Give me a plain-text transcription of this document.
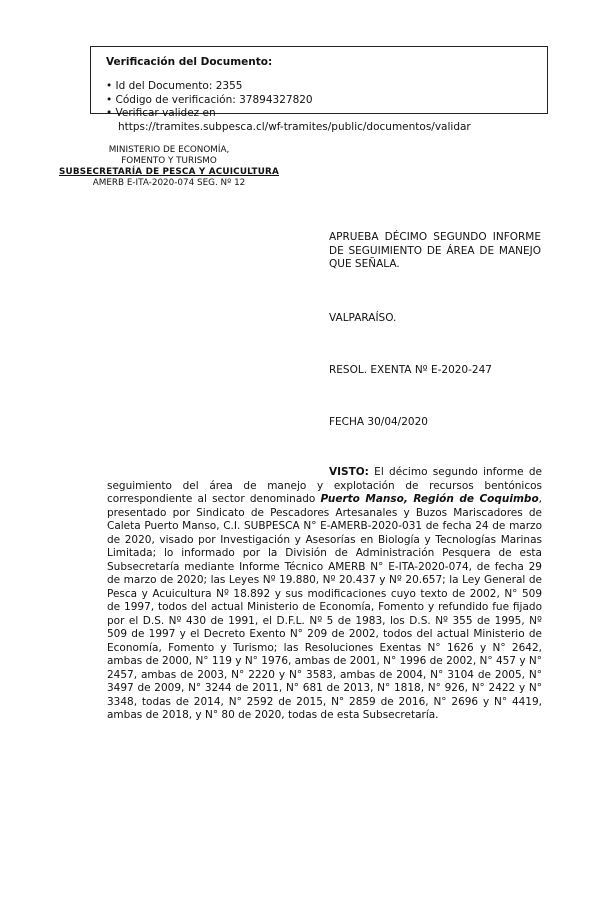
Verificación del Documento:
• Id del Documento: 2355
• Código de verificación: 37894327820
• Verificar validez en
https://tramites.subpesca.cl/wf-tramites/public/documentos/validar
MINISTERIO DE ECONOMÍA,
FOMENTO Y TURISMO
SUBSECRETARÍA DE PESCA Y ACUICULTURA
AMERB E-ITA-2020-074 SEG. Nº 12
APRUEBA DÉCIMO SEGUNDO INFORME DE SEGUIMIENTO DE ÁREA DE MANEJO QUE SEÑALA.
VALPARAÍSO.
RESOL. EXENTA Nº E-2020-247
FECHA 30/04/2020
VISTO: El décimo segundo informe de seguimiento del área de manejo y explotación de recursos bentónicos correspondiente al sector denominado Puerto Manso, Región de Coquimbo, presentado por Sindicato de Pescadores Artesanales y Buzos Mariscadores de Caleta Puerto Manso, C.I. SUBPESCA N° E-AMERB-2020-031 de fecha 24 de marzo de 2020, visado por Investigación y Asesorías en Biología y Tecnologías Marinas Limitada; lo informado por la División de Administración Pesquera de esta Subsecretaría mediante Informe Técnico AMERB N° E-ITA-2020-074, de fecha 29 de marzo de 2020; las Leyes Nº 19.880, Nº 20.437 y Nº 20.657; la Ley General de Pesca y Acuicultura Nº 18.892 y sus modificaciones cuyo texto de 2002, N° 509 de 1997, todos del actual Ministerio de Economía, Fomento y refundido fue fijado por el D.S. Nº 430 de 1991, el D.F.L. Nº 5 de 1983, los D.S. Nº 355 de 1995, Nº 509 de 1997 y el Decreto Exento N° 209 de 2002, todos del actual Ministerio de Economía, Fomento y Turismo; las Resoluciones Exentas N° 1626 y N° 2642, ambas de 2000, N° 119 y N° 1976, ambas de 2001, N° 1996 de 2002, N° 457 y N° 2457, ambas de 2003, N° 2220 y N° 3583, ambas de 2004, N° 3104 de 2005, N° 3497 de 2009, N° 3244 de 2011, N° 681 de 2013, N° 1818, N° 926, N° 2422 y N° 3348, todas de 2014, N° 2592 de 2015, N° 2859 de 2016, N° 2696 y N° 4419, ambas de 2018, y N° 80 de 2020, todas de esta Subsecretaría.
